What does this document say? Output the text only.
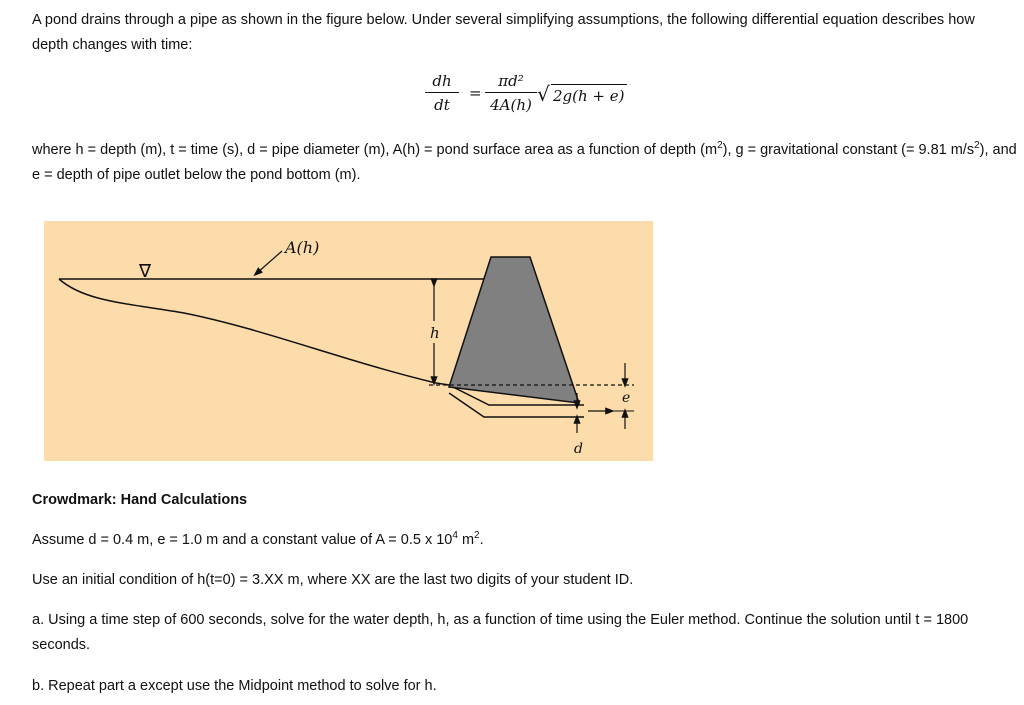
A pond drains through a pipe as shown in the figure below. Under several simplifying assumptions, the following differential equation describes how depth changes with time:

$\frac{dh}{dt} = \frac{\text{πd²}}{4A(h)}$ √ 2g(h + e)

where h = depth (m), t = time (s), d = pipe diameter (m), A(h) = pond surface area as a function of depth $(m^2)$, g = gravitational constant (= 9.81 $m/s^2$), and e = depth of pipe outlet below the pond bottom (m).

∇
A(h)
h
e
d

Crowdmark: Hand Calculations

Assume d = 0.4 m, e = 1.0 m and a constant value of A = 0.5 x $10^4$ $m^2$.

Use an initial condition of h(t=0) = 3.XX m, where XX are the last two digits of your student ID.

a. Using a time step of 600 seconds, solve for the water depth, h, as a function of time using the Euler method. Continue the solution until t = 1800 seconds.

b. Repeat part a except use the Midpoint method to solve for h.
